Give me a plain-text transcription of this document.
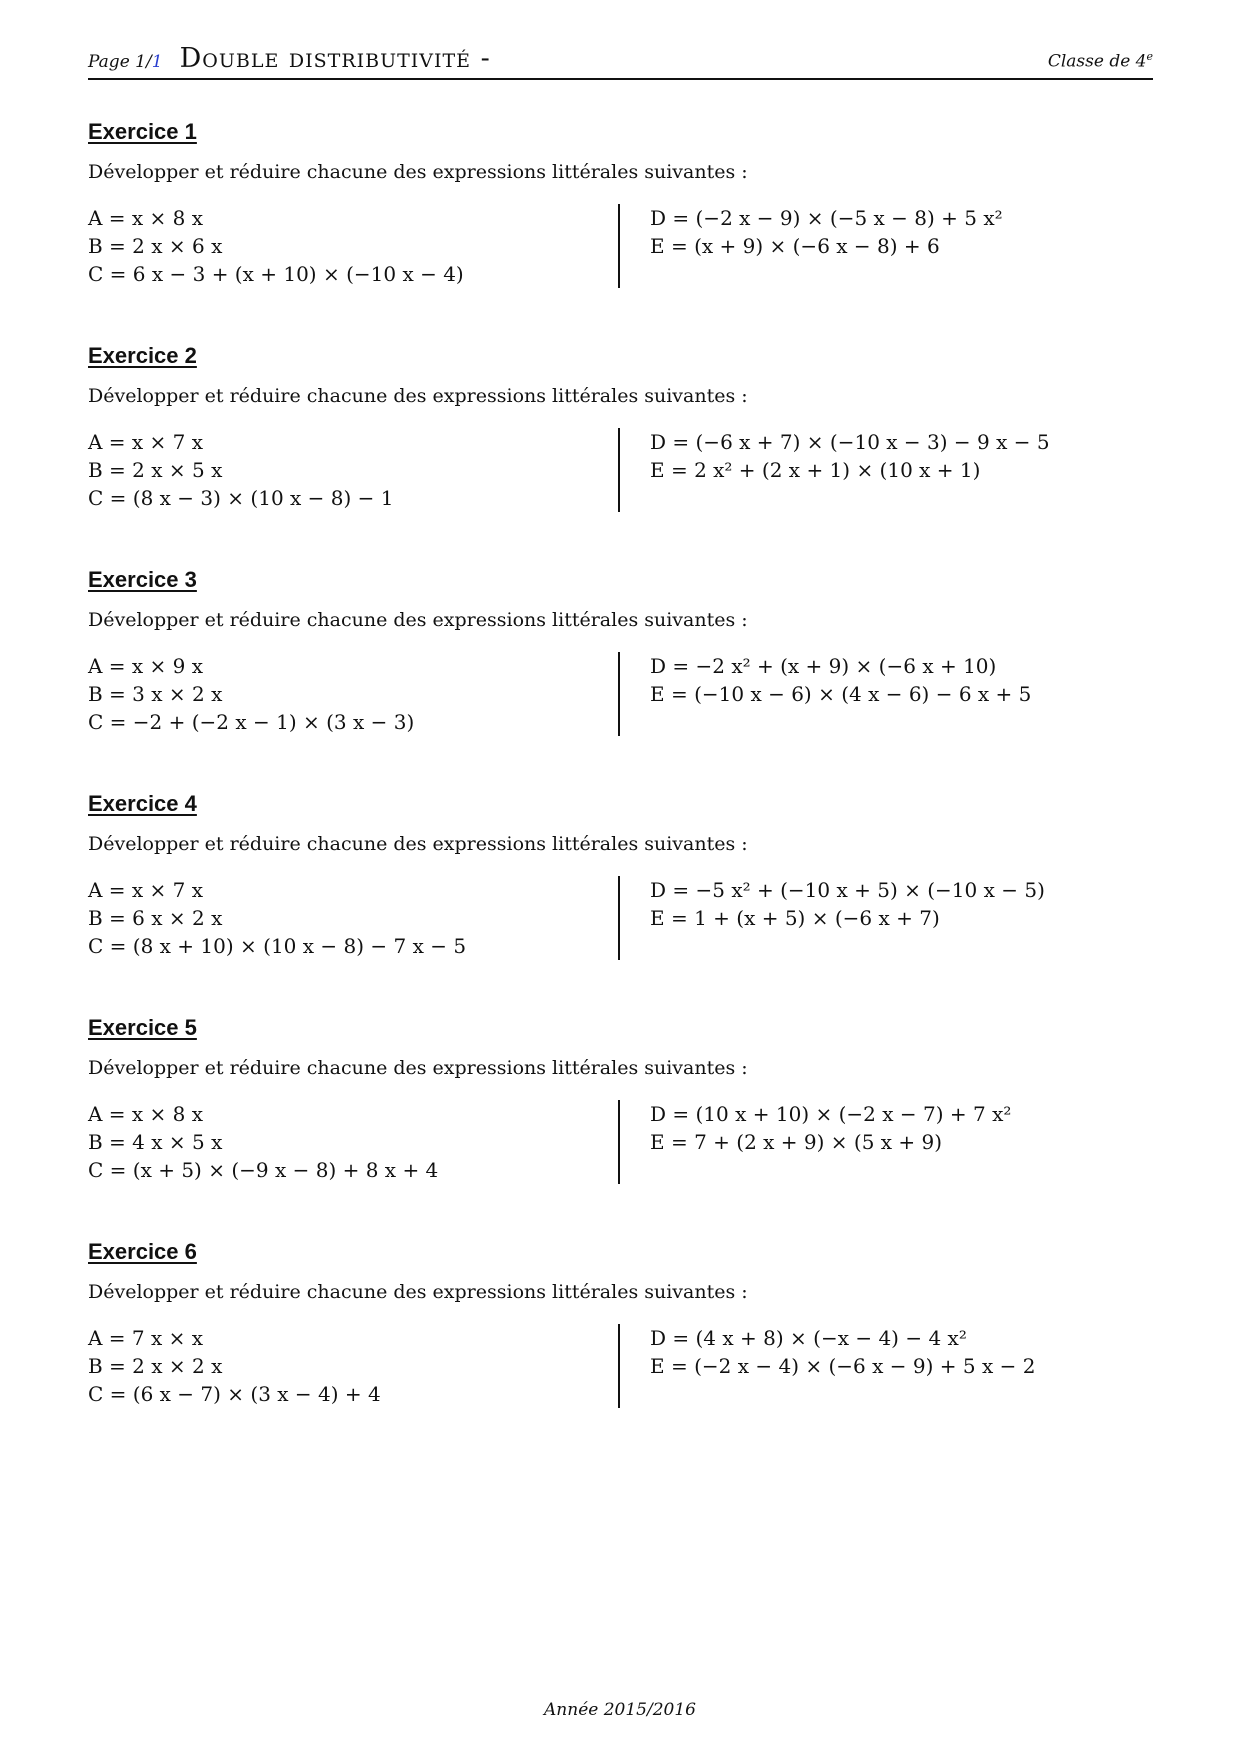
Page 1/1 Double distributivité -	Classe de 4e
Exercice 1
Développer et réduire chacune des expressions littérales suivantes :
A = x × 8 x
B = 2 x × 6 x
C = 6 x − 3 + (x + 10) × (−10 x − 4)
D = (−2 x − 9) × (−5 x − 8) + 5 x²
E = (x + 9) × (−6 x − 8) + 6
Exercice 2
Développer et réduire chacune des expressions littérales suivantes :
A = x × 7 x
B = 2 x × 5 x
C = (8 x − 3) × (10 x − 8) − 1
D = (−6 x + 7) × (−10 x − 3) − 9 x − 5
E = 2 x² + (2 x + 1) × (10 x + 1)
Exercice 3
Développer et réduire chacune des expressions littérales suivantes :
A = x × 9 x
B = 3 x × 2 x
C = −2 + (−2 x − 1) × (3 x − 3)
D = −2 x² + (x + 9) × (−6 x + 10)
E = (−10 x − 6) × (4 x − 6) − 6 x + 5
Exercice 4
Développer et réduire chacune des expressions littérales suivantes :
A = x × 7 x
B = 6 x × 2 x
C = (8 x + 10) × (10 x − 8) − 7 x − 5
D = −5 x² + (−10 x + 5) × (−10 x − 5)
E = 1 + (x + 5) × (−6 x + 7)
Exercice 5
Développer et réduire chacune des expressions littérales suivantes :
A = x × 8 x
B = 4 x × 5 x
C = (x + 5) × (−9 x − 8) + 8 x + 4
D = (10 x + 10) × (−2 x − 7) + 7 x²
E = 7 + (2 x + 9) × (5 x + 9)
Exercice 6
Développer et réduire chacune des expressions littérales suivantes :
A = 7 x × x
B = 2 x × 2 x
C = (6 x − 7) × (3 x − 4) + 4
D = (4 x + 8) × (−x − 4) − 4 x²
E = (−2 x − 4) × (−6 x − 9) + 5 x − 2
Année 2015/2016
